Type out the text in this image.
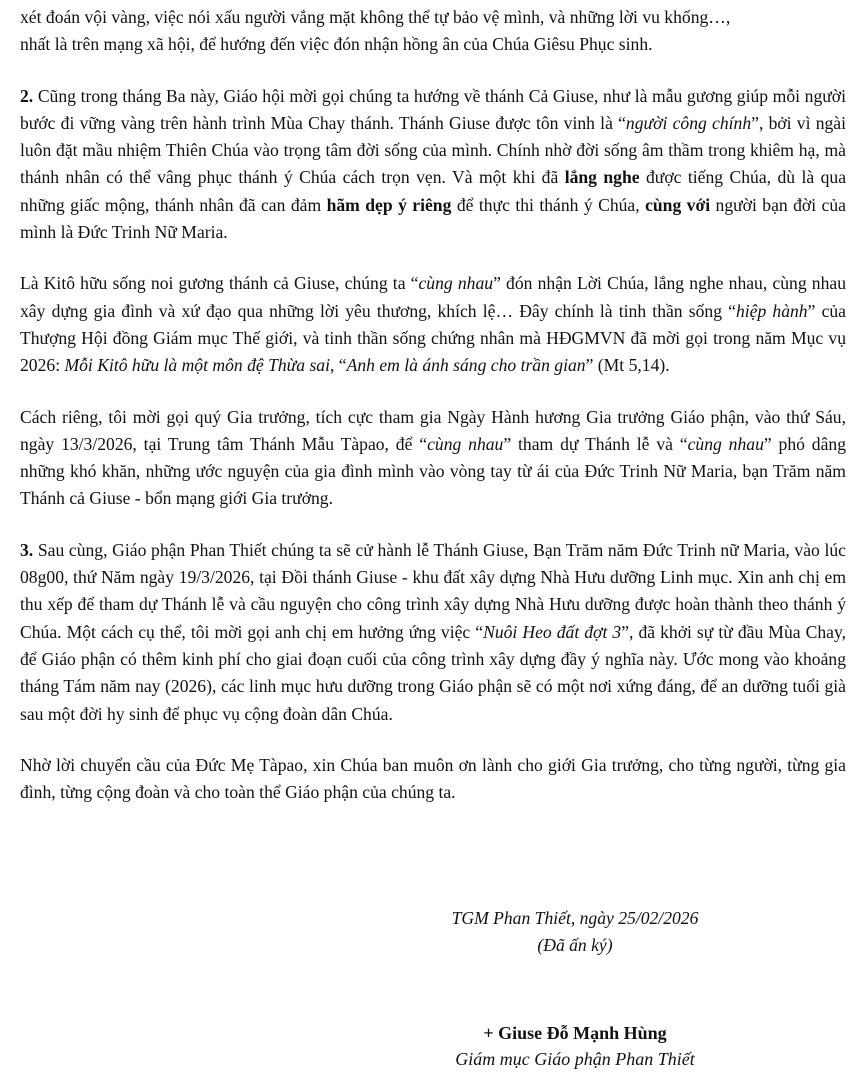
xét đoán vội vàng, việc nói xấu người vắng mặt không thể tự bảo vệ mình, và những lời vu khống…,
nhất là trên mạng xã hội, để hướng đến việc đón nhận hồng ân của Chúa Giêsu Phục sinh.

2. Cũng trong tháng Ba này, Giáo hội mời gọi chúng ta hướng về thánh Cả Giuse, như là mẫu gương giúp mỗi người bước đi vững vàng trên hành trình Mùa Chay thánh. Thánh Giuse được tôn vinh là “người công chính”, bởi vì ngài luôn đặt mầu nhiệm Thiên Chúa vào trọng tâm đời sống của mình. Chính nhờ đời sống âm thầm trong khiêm hạ, mà thánh nhân có thể vâng phục thánh ý Chúa cách trọn vẹn. Và một khi đã lắng nghe được tiếng Chúa, dù là qua những giấc mộng, thánh nhân đã can đảm hãm dẹp ý riêng để thực thi thánh ý Chúa, cùng với người bạn đời của mình là Đức Trinh Nữ Maria.

Là Kitô hữu sống noi gương thánh cả Giuse, chúng ta “cùng nhau” đón nhận Lời Chúa, lắng nghe nhau, cùng nhau xây dựng gia đình và xứ đạo qua những lời yêu thương, khích lệ… Đây chính là tinh thần sống “hiệp hành” của Thượng Hội đồng Giám mục Thế giới, và tinh thần sống chứng nhân mà HĐGMVN đã mời gọi trong năm Mục vụ 2026: Mỗi Kitô hữu là một môn đệ Thừa sai, “Anh em là ánh sáng cho trần gian” (Mt 5,14).

Cách riêng, tôi mời gọi quý Gia trưởng, tích cực tham gia Ngày Hành hương Gia trưởng Giáo phận, vào thứ Sáu, ngày 13/3/2026, tại Trung tâm Thánh Mẫu Tàpao, để “cùng nhau” tham dự Thánh lễ và “cùng nhau” phó dâng những khó khăn, những ước nguyện của gia đình mình vào vòng tay từ ái của Đức Trinh Nữ Maria, bạn Trăm năm Thánh cả Giuse - bổn mạng giới Gia trưởng.

3. Sau cùng, Giáo phận Phan Thiết chúng ta sẽ cử hành lễ Thánh Giuse, Bạn Trăm năm Đức Trinh nữ Maria, vào lúc 08g00, thứ Năm ngày 19/3/2026, tại Đồi thánh Giuse - khu đất xây dựng Nhà Hưu dưỡng Linh mục. Xin anh chị em thu xếp để tham dự Thánh lễ và cầu nguyện cho công trình xây dựng Nhà Hưu dưỡng được hoàn thành theo thánh ý Chúa. Một cách cụ thể, tôi mời gọi anh chị em hưởng ứng việc “Nuôi Heo đất đợt 3”, đã khởi sự từ đầu Mùa Chay, để Giáo phận có thêm kinh phí cho giai đoạn cuối của công trình xây dựng đầy ý nghĩa này. Ước mong vào khoảng tháng Tám năm nay (2026), các linh mục hưu dưỡng trong Giáo phận sẽ có một nơi xứng đáng, để an dưỡng tuổi già sau một đời hy sinh để phục vụ cộng đoàn dân Chúa.

Nhờ lời chuyển cầu của Đức Mẹ Tàpao, xin Chúa ban muôn ơn lành cho giới Gia trưởng, cho từng người, từng gia đình, từng cộng đoàn và cho toàn thể Giáo phận của chúng ta.

TGM Phan Thiết, ngày 25/02/2026
(Đã ấn ký)
+ Giuse Đỗ Mạnh Hùng
Giám mục Giáo phận Phan Thiết
